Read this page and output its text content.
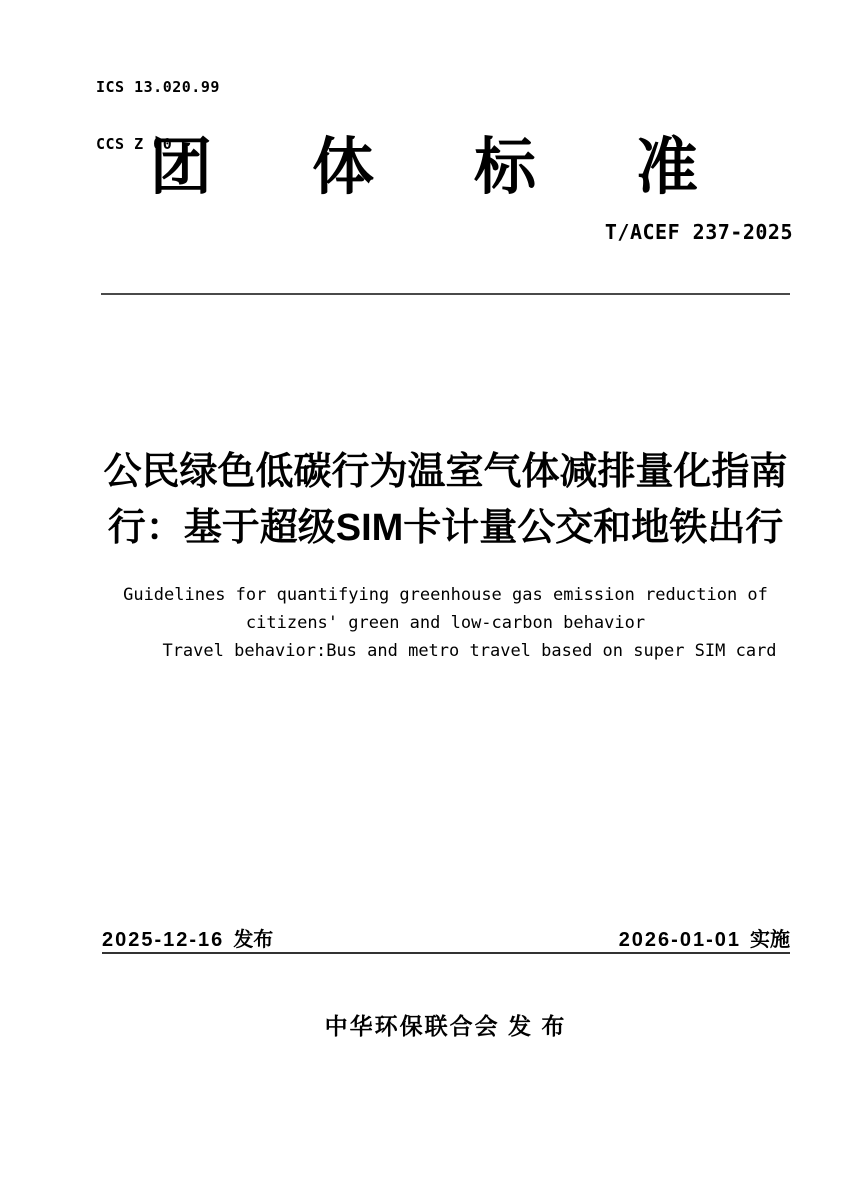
ICS 13.020.99

CCS Z 00

团 体 标 准
T/ACEF 237-2025
公民绿色低碳行为温室气体减排量化指南
行：基于超级SIM卡计量公交和地铁出行
Guidelines for quantifying greenhouse gas emission reduction of
citizens' green and low-carbon behavior
Travel behavior:Bus and metro travel based on super SIM card
2025-12-16 发布	2026-01-01 实施
中华环保联合会 发 布
